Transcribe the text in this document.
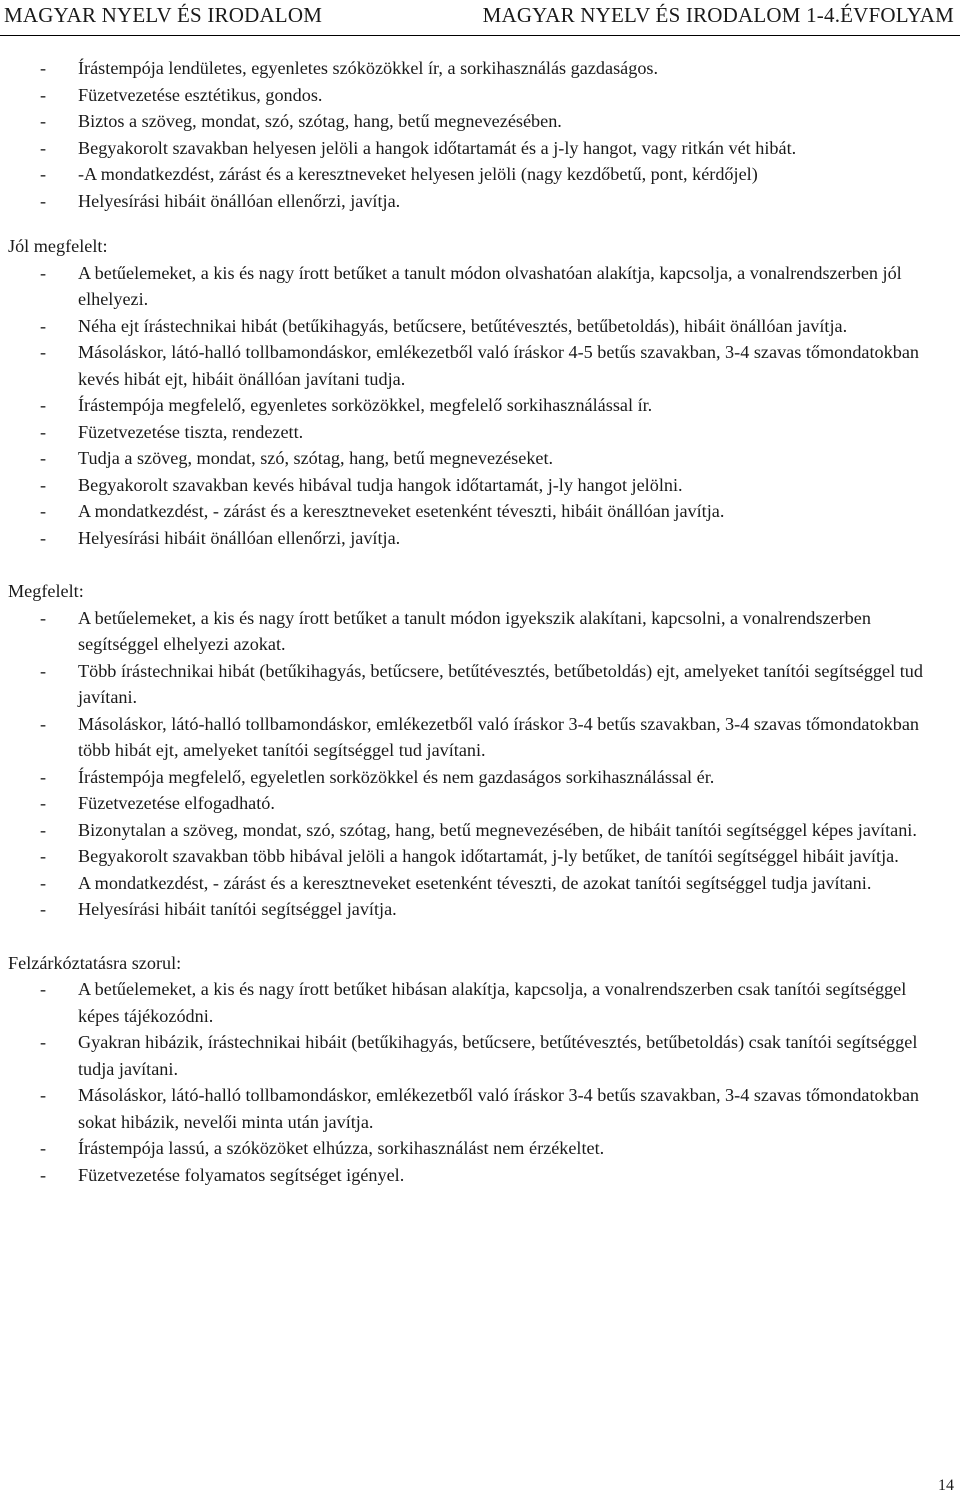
MAGYAR NYELV ÉS IRODALOM	MAGYAR NYELV ÉS IRODALOM 1-4.ÉVFOLYAM
- Írástempója lendületes, egyenletes szóközökkel ír, a sorkihasználás gazdaságos.
- Füzetvezetése esztétikus, gondos.
- Biztos a szöveg, mondat, szó, szótag, hang, betű megnevezésében.
- Begyakorolt szavakban helyesen jelöli a hangok időtartamát és a j-ly hangot, vagy ritkán vét hibát.
- -A mondatkezdést, zárást és a keresztneveket helyesen jelöli (nagy kezdőbetű, pont, kérdőjel)
- Helyesírási hibáit önállóan ellenőrzi, javítja.
Jól megfelelt:
- A betűelemeket, a kis és nagy írott betűket a tanult módon olvashatóan alakítja, kapcsolja, a vonalrendszerben jól elhelyezi.
- Néha ejt írástechnikai hibát (betűkihagyás, betűcsere, betűtévesztés, betűbetoldás), hibáit önállóan javítja.
- Másoláskor, látó-halló tollbamondáskor, emlékezetből való íráskor 4-5 betűs szavakban, 3-4 szavas tőmondatokban kevés hibát ejt, hibáit önállóan javítani tudja.
- Írástempója megfelelő, egyenletes sorközökkel, megfelelő sorkihasználással ír.
- Füzetvezetése tiszta, rendezett.
- Tudja a szöveg, mondat, szó, szótag, hang, betű megnevezéseket.
- Begyakorolt szavakban kevés hibával tudja hangok időtartamát, j-ly hangot jelölni.
- A mondatkezdést, - zárást és a keresztneveket esetenként téveszti, hibáit önállóan javítja.
- Helyesírási hibáit önállóan ellenőrzi, javítja.
Megfelelt:
- A betűelemeket, a kis és nagy írott betűket a tanult módon igyekszik alakítani, kapcsolni, a vonalrendszerben segítséggel elhelyezi azokat.
- Több írástechnikai hibát (betűkihagyás, betűcsere, betűtévesztés, betűbetoldás) ejt, amelyeket tanítói segítséggel tud javítani.
- Másoláskor, látó-halló tollbamondáskor, emlékezetből való íráskor 3-4 betűs szavakban, 3-4 szavas tőmondatokban több hibát ejt, amelyeket tanítói segítséggel tud javítani.
- Írástempója megfelelő, egyeletlen sorközökkel és nem gazdaságos sorkihasználással ér.
- Füzetvezetése elfogadható.
- Bizonytalan a szöveg, mondat, szó, szótag, hang, betű megnevezésében, de hibáit tanítói segítséggel képes javítani.
- Begyakorolt szavakban több hibával jelöli a hangok időtartamát, j-ly betűket, de tanítói segítséggel hibáit javítja.
- A mondatkezdést, - zárást és a keresztneveket esetenként téveszti, de azokat tanítói segítséggel tudja javítani.
- Helyesírási hibáit tanítói segítséggel javítja.
Felzárkóztatásra szorul:
- A betűelemeket, a kis és nagy írott betűket hibásan alakítja, kapcsolja, a vonalrendszerben csak tanítói segítséggel képes tájékozódni.
- Gyakran hibázik, írástechnikai hibáit (betűkihagyás, betűcsere, betűtévesztés, betűbetoldás) csak tanítói segítséggel tudja javítani.
- Másoláskor, látó-halló tollbamondáskor, emlékezetből való íráskor 3-4 betűs szavakban, 3-4 szavas tőmondatokban sokat hibázik, nevelői minta után javítja.
- Írástempója lassú, a szóközöket elhúzza, sorkihasználást nem érzékeltet.
- Füzetvezetése folyamatos segítséget igényel.
14
